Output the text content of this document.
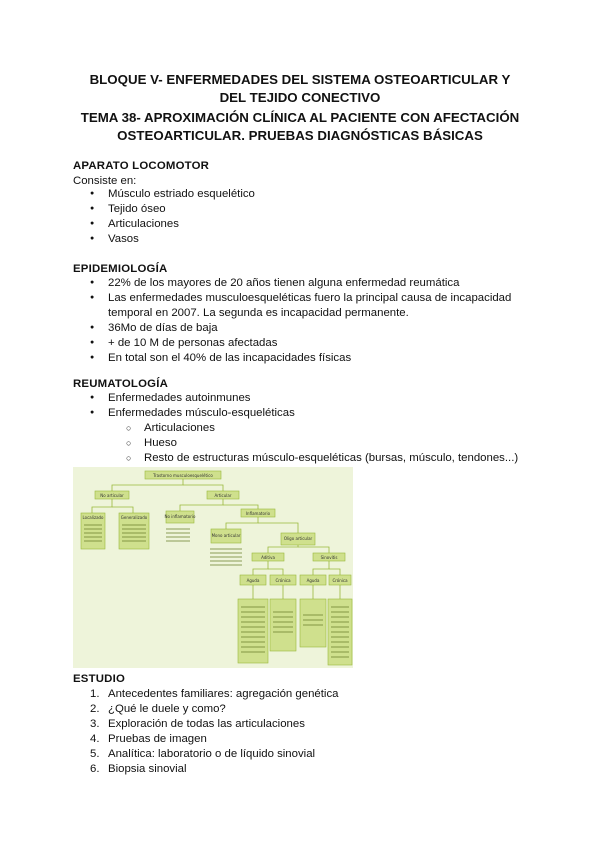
BLOQUE V- ENFERMEDADES DEL SISTEMA OSTEOARTICULAR Y
DEL TEJIDO CONECTIVO
TEMA 38- APROXIMACIÓN CLÍNICA AL PACIENTE CON AFECTACIÓN
OSTEOARTICULAR. PRUEBAS DIAGNÓSTICAS BÁSICAS
APARATO LOCOMOTOR
Consiste en:
● Músculo estriado esquelético
● Tejido óseo
● Articulaciones
● Vasos
EPIDEMIOLOGÍA
● 22% de los mayores de 20 años tienen alguna enfermedad reumática
● Las enfermedades musculoesqueléticas fuero la principal causa de incapacidad temporal en 2007. La segunda es incapacidad permanente.
● 36Mo de días de baja
● + de 10 M de personas afectadas
● En total son el 40% de las incapacidades físicas
REUMATOLOGÍA
● Enfermedades autoinmunes
● Enfermedades músculo-esqueléticas
○ Articulaciones
○ Hueso
○ Resto de estructuras músculo-esqueléticas (bursas, músculo, tendones...)
Trastorno musculoesquelético
No articular	Articular
Localizado	Generalizado	No inflamatorio
Inflamatorio
Mono articular
Oligo articular
Aditiva	Sinovitis
Aguda	Crónica	Aguda	Crónica
ESTUDIO
1. Antecedentes familiares: agregación genética
2. ¿Qué le duele y como?
3. Exploración de todas las articulaciones
4. Pruebas de imagen
5. Analítica: laboratorio o de líquido sinovial
6. Biopsia sinovial
